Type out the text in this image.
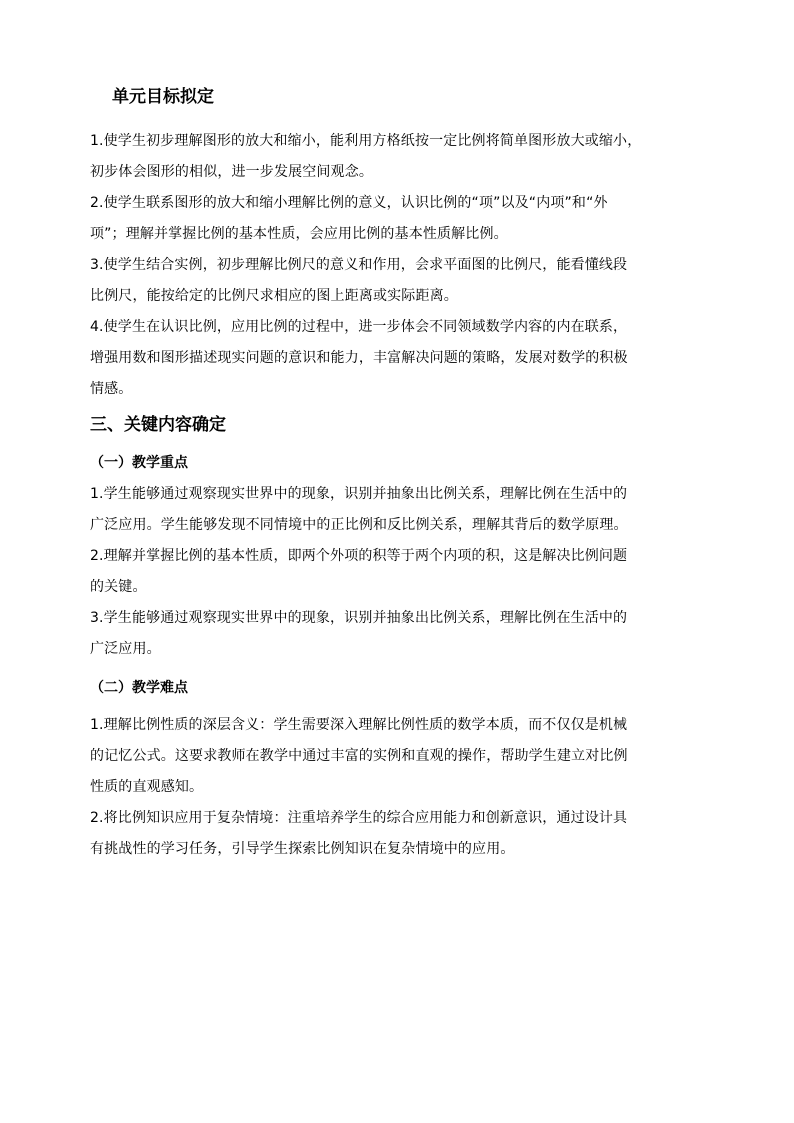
单元目标拟定
1.使学生初步理解图形的放大和缩小，能利用方格纸按一定比例将简单图形放大或缩小，
初步体会图形的相似，进一步发展空间观念。
2.使学生联系图形的放大和缩小理解比例的意义，认识比例的“项”以及“内项”和“外
项”；理解并掌握比例的基本性质，会应用比例的基本性质解比例。
3.使学生结合实例，初步理解比例尺的意义和作用，会求平面图的比例尺，能看懂线段
比例尺，能按给定的比例尺求相应的图上距离或实际距离。
4.使学生在认识比例，应用比例的过程中，进一步体会不同领域数学内容的内在联系，
增强用数和图形描述现实问题的意识和能力，丰富解决问题的策略，发展对数学的积极
情感。
三、关键内容确定
（一）教学重点
1.学生能够通过观察现实世界中的现象，识别并抽象出比例关系，理解比例在生活中的
广泛应用。学生能够发现不同情境中的正比例和反比例关系，理解其背后的数学原理。
2.理解并掌握比例的基本性质，即两个外项的积等于两个内项的积，这是解决比例问题
的关键。
3.学生能够通过观察现实世界中的现象，识别并抽象出比例关系，理解比例在生活中的
广泛应用。
（二）教学难点
1.理解比例性质的深层含义：学生需要深入理解比例性质的数学本质，而不仅仅是机械
的记忆公式。这要求教师在教学中通过丰富的实例和直观的操作，帮助学生建立对比例
性质的直观感知。
2.将比例知识应用于复杂情境：注重培养学生的综合应用能力和创新意识，通过设计具
有挑战性的学习任务，引导学生探索比例知识在复杂情境中的应用。
